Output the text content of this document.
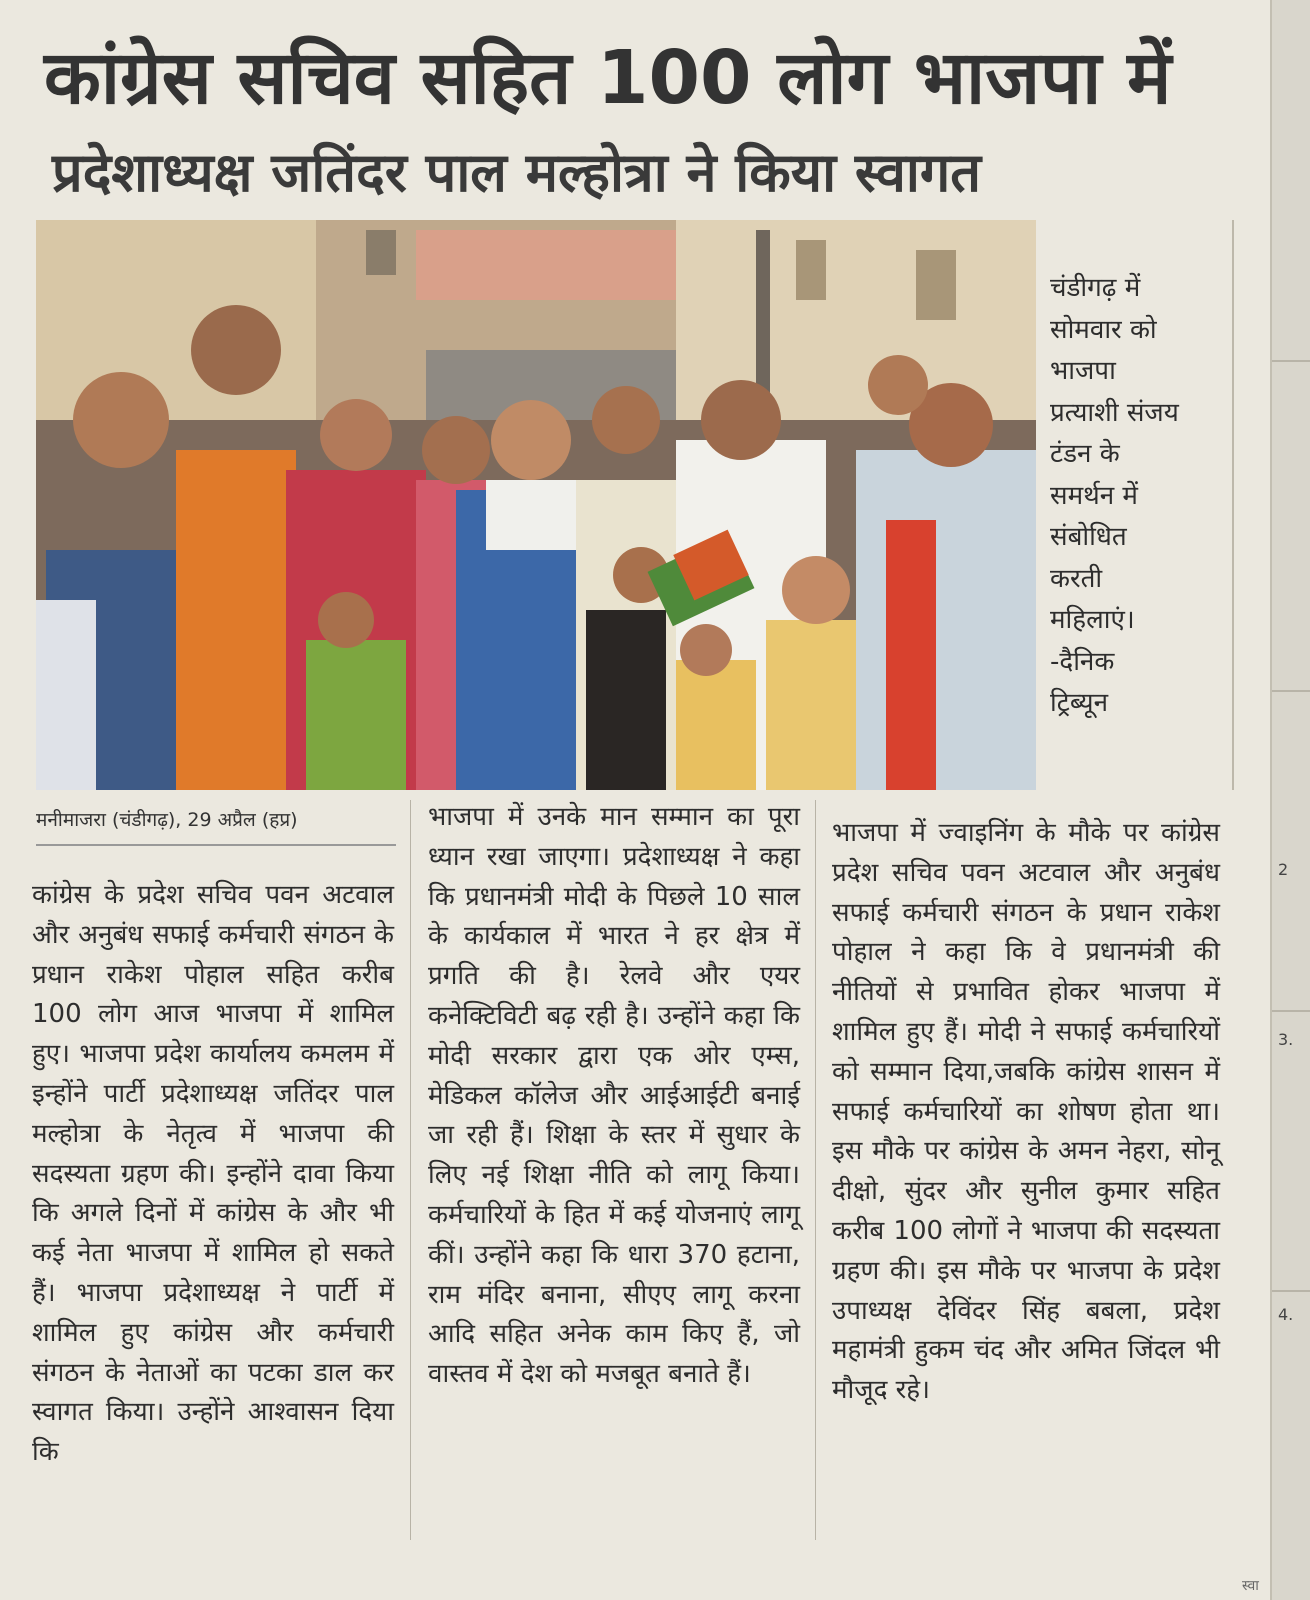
कांग्रेस सचिव सहित 100 लोग भाजपा में
प्रदेशाध्यक्ष जतिंदर पाल मल्होत्रा ने किया स्वागत
चंडीगढ़ में
सोमवार को
भाजपा
प्रत्याशी संजय
टंडन के
समर्थन में
संबोधित
करती
महिलाएं।
-दैनिक
ट्रिब्यून
मनीमाजरा (चंडीगढ़), 29 अप्रैल (हप्र)

कांग्रेस के प्रदेश सचिव पवन अटवाल और अनुबंध सफाई कर्मचारी संगठन के प्रधान राकेश पोहाल सहित करीब 100 लोग आज भाजपा में शामिल हुए। भाजपा प्रदेश कार्यालय कमलम में इन्होंने पार्टी प्रदेशाध्यक्ष जतिंदर पाल मल्होत्रा के नेतृत्व में भाजपा की सदस्यता ग्रहण की। इन्होंने दावा किया कि अगले दिनों में कांग्रेस के और भी कई नेता भाजपा में शामिल हो सकते हैं। भाजपा प्रदेशाध्यक्ष ने पार्टी में शामिल हुए कांग्रेस और कर्मचारी संगठन के नेताओं का पटका डाल कर स्वागत किया। उन्होंने आश्वासन दिया कि

भाजपा में उनके मान सम्मान का पूरा ध्यान रखा जाएगा। प्रदेशाध्यक्ष ने कहा कि प्रधानमंत्री मोदी के पिछले 10 साल के कार्यकाल में भारत ने हर क्षेत्र में प्रगति की है। रेलवे और एयर कनेक्टिविटी बढ़ रही है। उन्होंने कहा कि मोदी सरकार द्वारा एक ओर एम्स, मेडिकल कॉलेज और आईआईटी बनाई जा रही हैं। शिक्षा के स्तर में सुधार के लिए नई शिक्षा नीति को लागू किया। कर्मचारियों के हित में कई योजनाएं लागू कीं। उन्होंने कहा कि धारा 370 हटाना, राम मंदिर बनाना, सीएए लागू करना आदि सहित अनेक काम किए हैं, जो वास्तव में देश को मजबूत बनाते हैं।

भाजपा में ज्वाइनिंग के मौके पर कांग्रेस प्रदेश सचिव पवन अटवाल और अनुबंध सफाई कर्मचारी संगठन के प्रधान राकेश पोहाल ने कहा कि वे प्रधानमंत्री की नीतियों से प्रभावित होकर भाजपा में शामिल हुए हैं। मोदी ने सफाई कर्मचारियों को सम्मान दिया,जबकि कांग्रेस शासन में सफाई कर्मचारियों का शोषण होता था। इस मौके पर कांग्रेस के अमन नेहरा, सोनू दीक्षो, सुंदर और सुनील कुमार सहित करीब 100 लोगों ने भाजपा की सदस्यता ग्रहण की। इस मौके पर भाजपा के प्रदेश उपाध्यक्ष देविंदर सिंह बबला, प्रदेश महामंत्री हुकम चंद और अमित जिंदल भी मौजूद रहे।

2
3.
4.
स्वा
